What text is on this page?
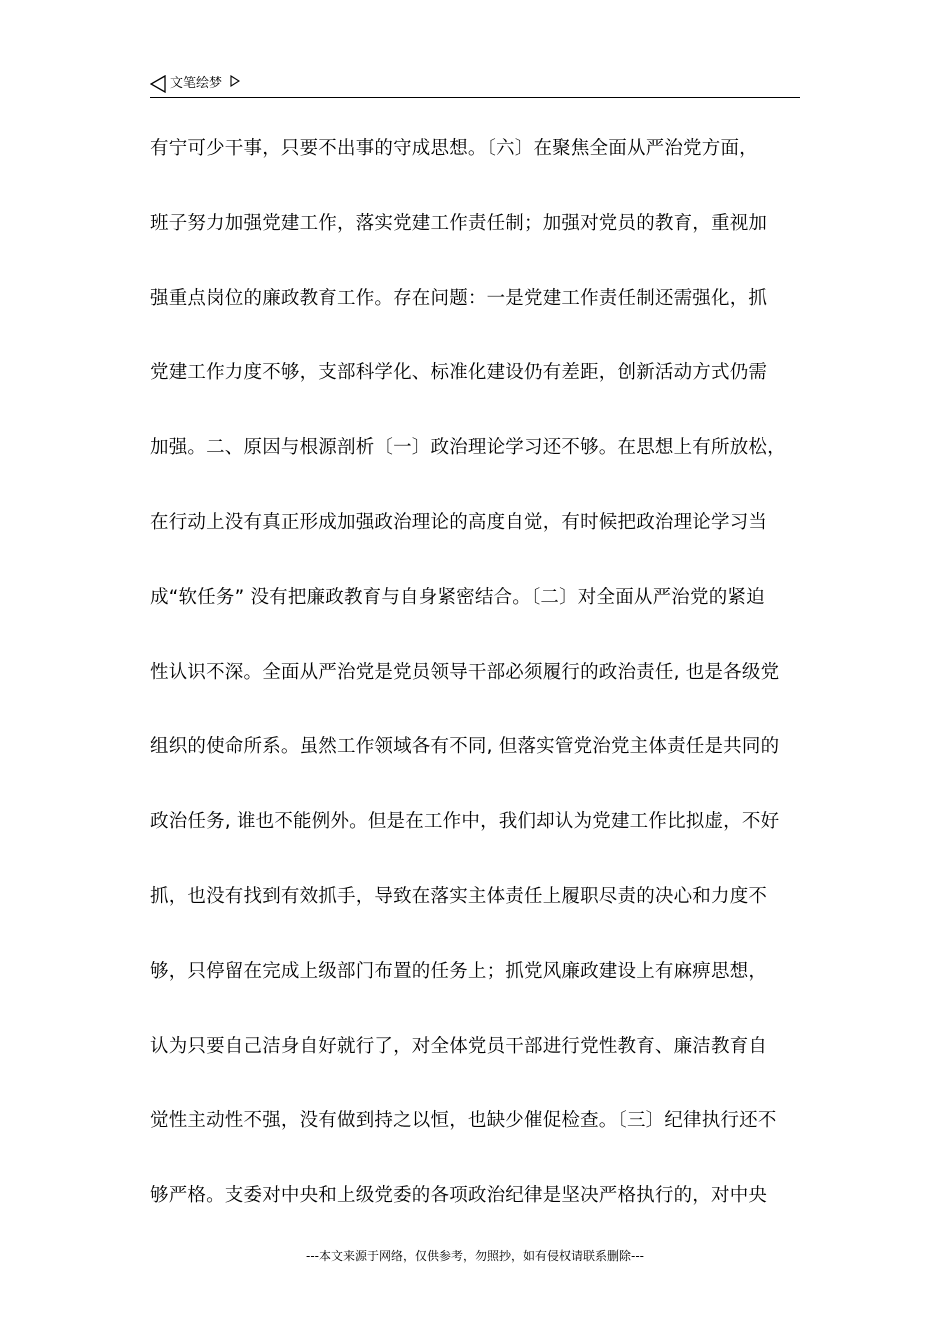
文笔绘梦
有宁可少干事，只要不出事的守成思想。〔六〕在聚焦全面从严治党方面，
班子努力加强党建工作，落实党建工作责任制；加强对党员的教育，重视加
强重点岗位的廉政教育工作。存在问题：一是党建工作责任制还需强化，抓
党建工作力度不够，支部科学化、标准化建设仍有差距，创新活动方式仍需
加强。二、原因与根源剖析〔一〕政治理论学习还不够。在思想上有所放松，
在行动上没有真正形成加强政治理论的高度自觉，有时候把政治理论学习当
成“软任务” 没有把廉政教育与自身紧密结合。〔二〕对全面从严治党的紧迫
性认识不深。全面从严治党是党员领导干部必须履行的政治责任, 也是各级党
组织的使命所系。虽然工作领域各有不同, 但落实管党治党主体责任是共同的
政治任务, 谁也不能例外。但是在工作中，我们却认为党建工作比拟虚，不好
抓，也没有找到有效抓手，导致在落实主体责任上履职尽责的决心和力度不
够，只停留在完成上级部门布置的任务上；抓党风廉政建设上有麻痹思想，
认为只要自己洁身自好就行了，对全体党员干部进行党性教育、廉洁教育自
觉性主动性不强，没有做到持之以恒，也缺少催促检查。〔三〕纪律执行还不
够严格。支委对中央和上级党委的各项政治纪律是坚决严格执行的，对中央
---本文来源于网络，仅供参考，勿照抄，如有侵权请联系删除---
